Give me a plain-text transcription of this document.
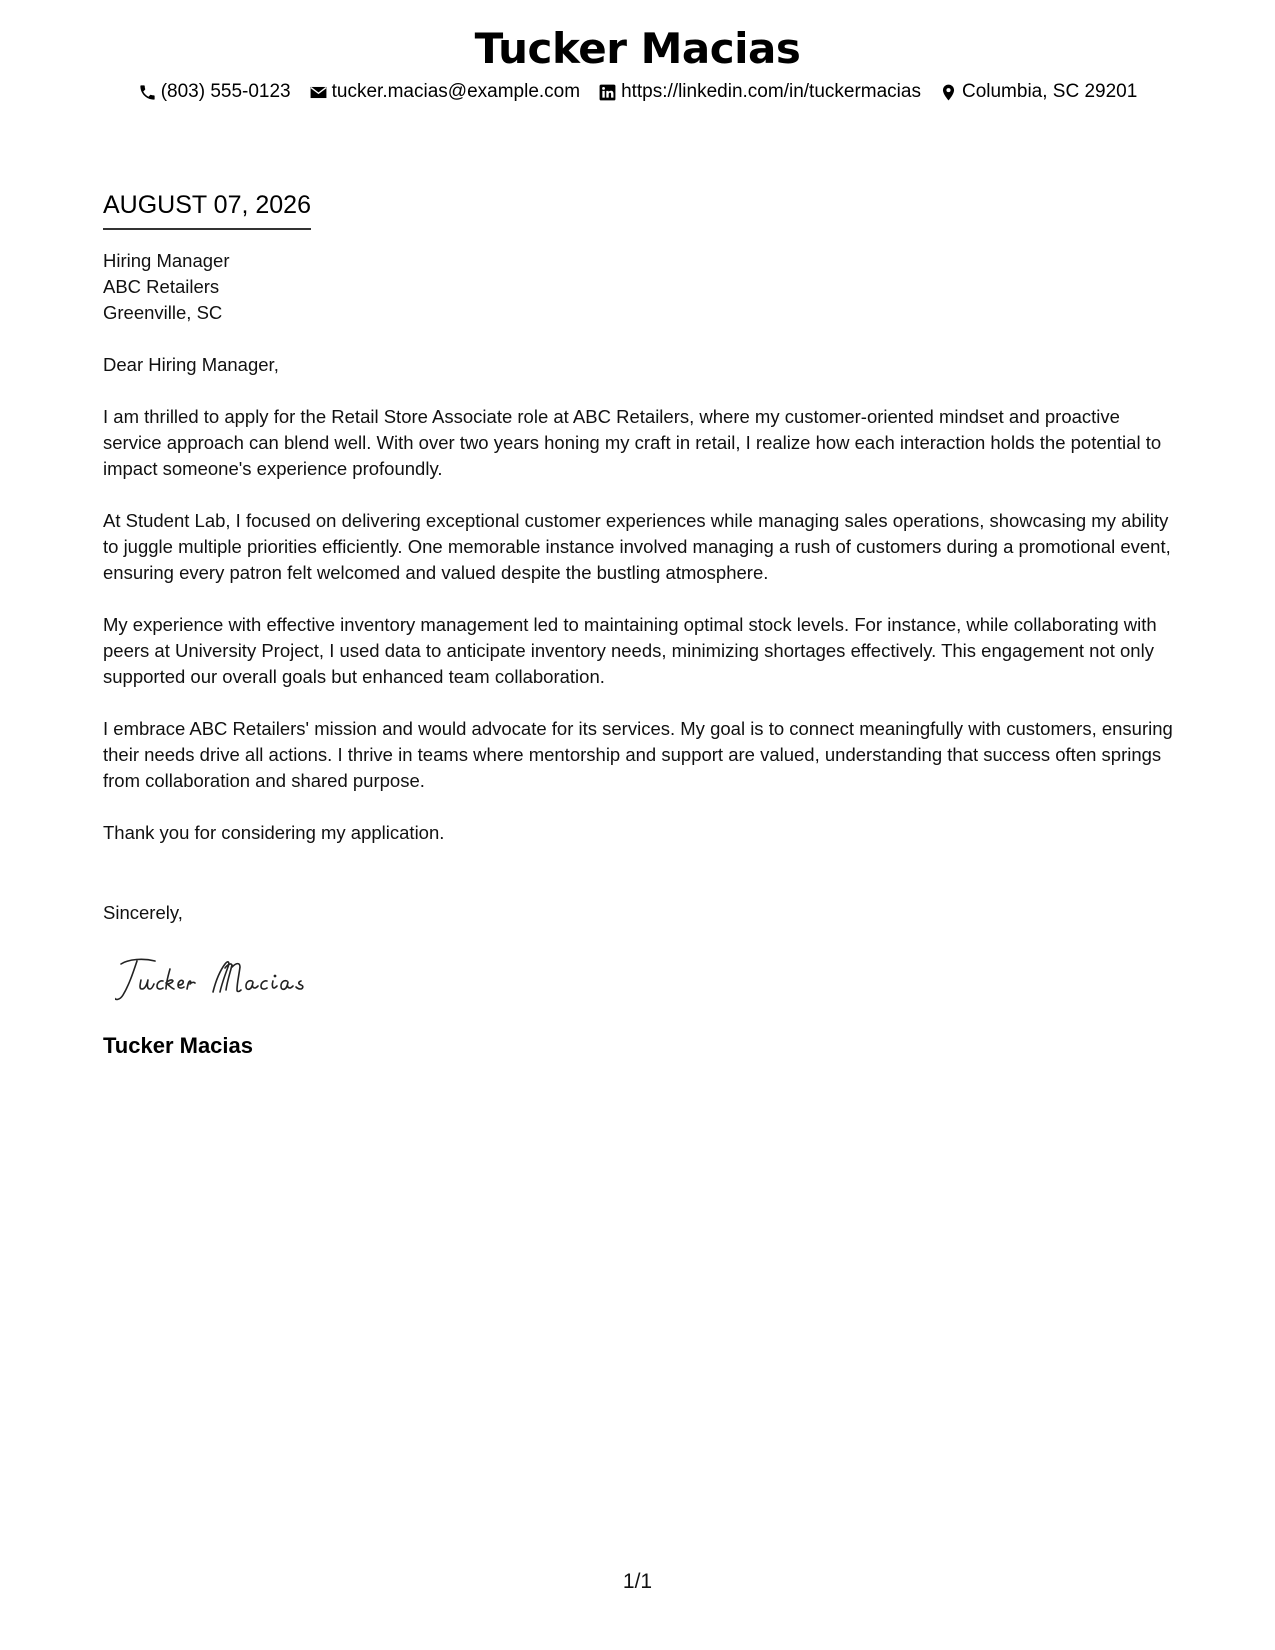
Tucker Macias
(803) 555-0123 tucker.macias@example.com https://linkedin.com/in/tuckermacias Columbia, SC 29201
AUGUST 07, 2026

Hiring Manager

ABC Retailers

Greenville, SC

Dear Hiring Manager,

I am thrilled to apply for the Retail Store Associate role at ABC Retailers, where my customer-oriented mindset and proactive service approach can blend well. With over two years honing my craft in retail, I realize how each interaction holds the potential to impact someone's experience profoundly.

At Student Lab, I focused on delivering exceptional customer experiences while managing sales operations, showcasing my ability to juggle multiple priorities efficiently. One memorable instance involved managing a rush of customers during a promotional event, ensuring every patron felt welcomed and valued despite the bustling atmosphere.

My experience with effective inventory management led to maintaining optimal stock levels. For instance, while collaborating with peers at University Project, I used data to anticipate inventory needs, minimizing shortages effectively. This engagement not only supported our overall goals but enhanced team collaboration.

I embrace ABC Retailers' mission and would advocate for its services. My goal is to connect meaningfully with customers, ensuring their needs drive all actions. I thrive in teams where mentorship and support are valued, understanding that success often springs from collaboration and shared purpose.

Thank you for considering my application.

Sincerely,

Tucker Macias
1/1
